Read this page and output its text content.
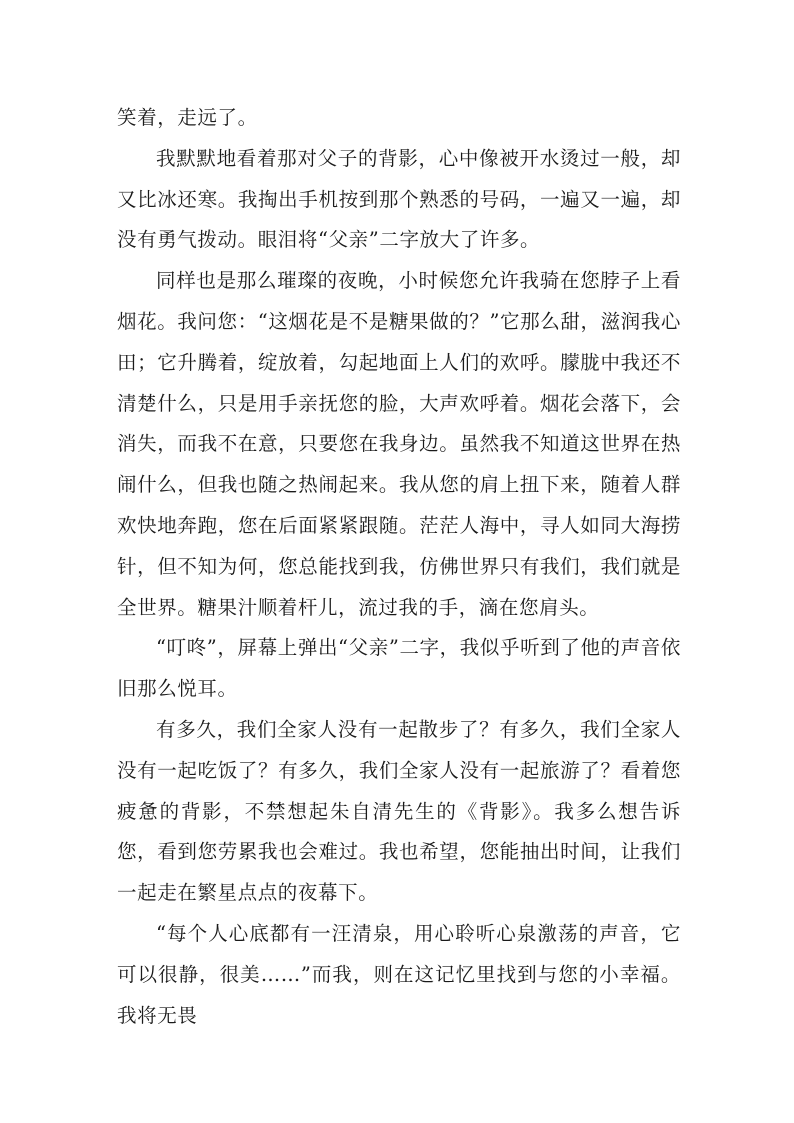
笑着，走远了。

我默默地看着那对父子的背影，心中像被开水烫过一般，却又比冰还寒。我掏出手机按到那个熟悉的号码，一遍又一遍，却没有勇气拨动。眼泪将“父亲”二字放大了许多。

同样也是那么璀璨的夜晚，小时候您允许我骑在您脖子上看烟花。我问您：“这烟花是不是糖果做的？”它那么甜，滋润我心田；它升腾着，绽放着，勾起地面上人们的欢呼。朦胧中我还不清楚什么，只是用手亲抚您的脸，大声欢呼着。烟花会落下，会消失，而我不在意，只要您在我身边。虽然我不知道这世界在热闹什么，但我也随之热闹起来。我从您的肩上扭下来，随着人群欢快地奔跑，您在后面紧紧跟随。茫茫人海中，寻人如同大海捞针，但不知为何，您总能找到我，仿佛世界只有我们，我们就是全世界。糖果汁顺着杆儿，流过我的手，滴在您肩头。

“叮咚”，屏幕上弹出“父亲”二字，我似乎听到了他的声音依旧那么悦耳。

有多久，我们全家人没有一起散步了？有多久，我们全家人没有一起吃饭了？有多久，我们全家人没有一起旅游了？看着您疲惫的背影，不禁想起朱自清先生的《背影》。我多么想告诉您，看到您劳累我也会难过。我也希望，您能抽出时间，让我们一起走在繁星点点的夜幕下。

“每个人心底都有一汪清泉，用心聆听心泉激荡的声音，它可以很静，很美……”而我，则在这记忆里找到与您的小幸福。我将无畏
